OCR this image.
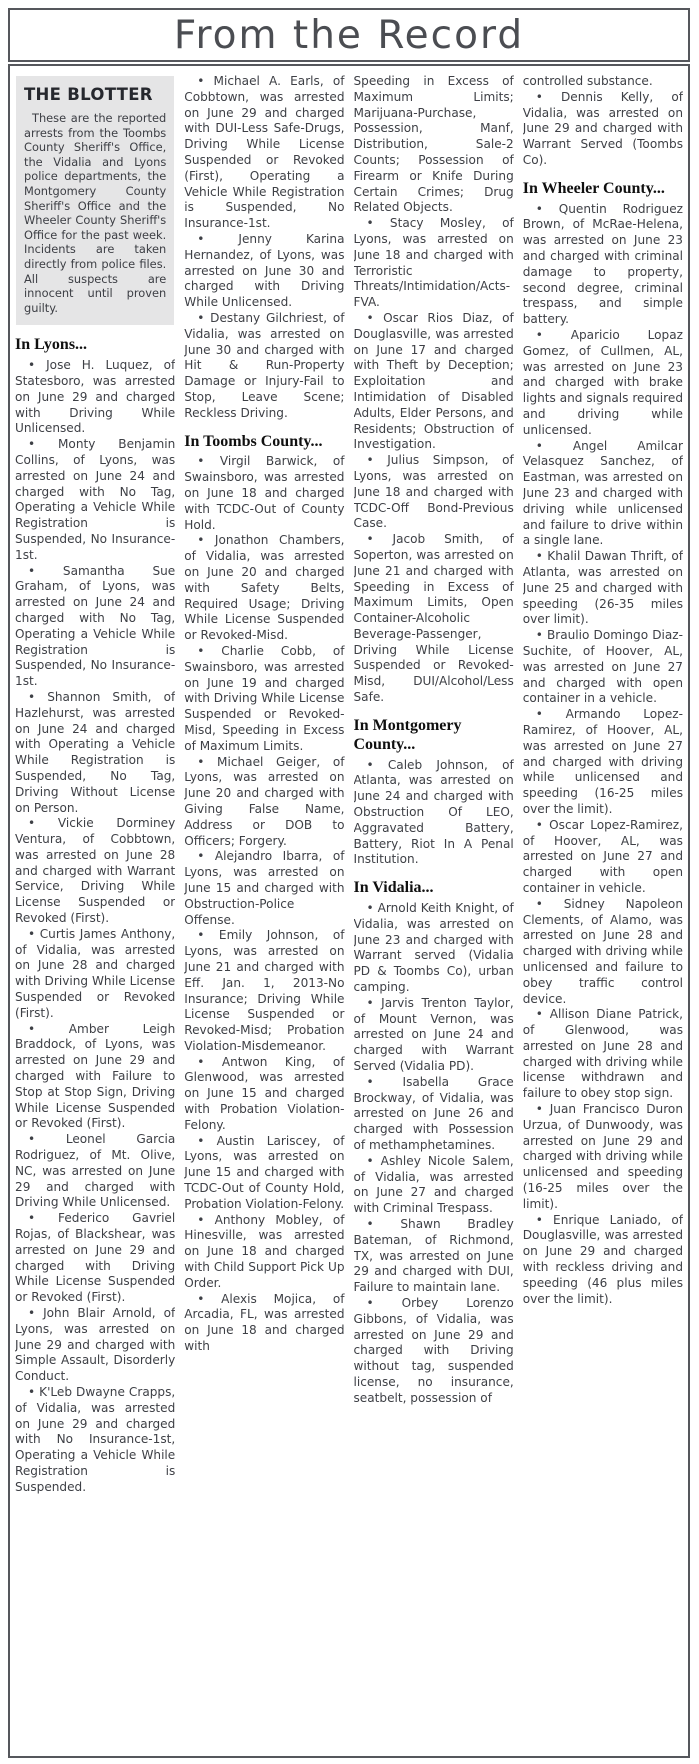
From the Record
THE BLOTTER

These are the reported arrests from the Toombs County Sheriff's Office, the Vidalia and Lyons police departments, the Montgomery County Sheriff's Office and the Wheeler County Sheriff's Office for the past week. Incidents are taken directly from police files. All suspects are innocent until proven guilty.

In Lyons...

• Jose H. Luquez, of Statesboro, was arrested on June 29 and charged with Driving While Unlicensed.

• Monty Benjamin Collins, of Lyons, was arrested on June 24 and charged with No Tag, Operating a Vehicle While Registration is Suspended, No Insurance-1st.

• Samantha Sue Graham, of Lyons, was arrested on June 24 and charged with No Tag, Operating a Vehicle While Registration is Suspended, No Insurance-1st.

• Shannon Smith, of Hazlehurst, was arrested on June 24 and charged with Operating a Vehicle While Registration is Suspended, No Tag, Driving Without License on Person.

• Vickie Dorminey Ventura, of Cobbtown, was arrested on June 28 and charged with Warrant Service, Driving While License Suspended or Revoked (First).

• Curtis James Anthony, of Vidalia, was arrested on June 28 and charged with Driving While License Suspended or Revoked (First).

• Amber Leigh Braddock, of Lyons, was arrested on June 29 and charged with Failure to Stop at Stop Sign, Driving While License Suspended or Revoked (First).

• Leonel Garcia Rodriguez, of Mt. Olive, NC, was arrested on June 29 and charged with Driving While Unlicensed.

• Federico Gavriel Rojas, of Blackshear, was arrested on June 29 and charged with Driving While License Suspended or Revoked (First).

• John Blair Arnold, of Lyons, was arrested on June 29 and charged with Simple Assault, Disorderly Conduct.

• K'Leb Dwayne Crapps, of Vidalia, was arrested on June 29 and charged with No Insurance-1st, Operating a Vehicle While Registration is Suspended.

• Michael A. Earls, of Cobbtown, was arrested on June 29 and charged with DUI-Less Safe-Drugs, Driving While License Suspended or Revoked (First), Operating a Vehicle While Registration is Suspended, No Insurance-1st.

• Jenny Karina Hernandez, of Lyons, was arrested on June 30 and charged with Driving While Unlicensed.

• Destany Gilchriest, of Vidalia, was arrested on June 30 and charged with Hit & Run-Property Damage or Injury-Fail to Stop, Leave Scene; Reckless Driving.

In Toombs County...

• Virgil Barwick, of Swainsboro, was arrested on June 18 and charged with TCDC-Out of County Hold.

• Jonathon Chambers, of Vidalia, was arrested on June 20 and charged with Safety Belts, Required Usage; Driving While License Suspended or Revoked-Misd.

• Charlie Cobb, of Swainsboro, was arrested on June 19 and charged with Driving While License Suspended or Revoked-Misd, Speeding in Excess of Maximum Limits.

• Michael Geiger, of Lyons, was arrested on June 20 and charged with Giving False Name, Address or DOB to Officers; Forgery.

• Alejandro Ibarra, of Lyons, was arrested on June 15 and charged with Obstruction-Police Offense.

• Emily Johnson, of Lyons, was arrested on June 21 and charged with Eff. Jan. 1, 2013-No Insurance; Driving While License Suspended or Revoked-Misd; Probation Violation-Misdemeanor.

• Antwon King, of Glenwood, was arrested on June 15 and charged with Probation Violation-Felony.

• Austin Lariscey, of Lyons, was arrested on June 15 and charged with TCDC-Out of County Hold, Probation Violation-Felony.

• Anthony Mobley, of Hinesville, was arrested on June 18 and charged with Child Support Pick Up Order.

• Alexis Mojica, of Arcadia, FL, was arrested on June 18 and charged with

Speeding in Excess of Maximum Limits; Marijuana-Purchase, Possession, Manf, Distribution, Sale-2 Counts; Possession of Firearm or Knife During Certain Crimes; Drug Related Objects.

• Stacy Mosley, of Lyons, was arrested on June 18 and charged with Terroristic Threats/Intimidation/Acts-FVA.

• Oscar Rios Diaz, of Douglasville, was arrested on June 17 and charged with Theft by Deception; Exploitation and Intimidation of Disabled Adults, Elder Persons, and Residents; Obstruction of Investigation.

• Julius Simpson, of Lyons, was arrested on June 18 and charged with TCDC-Off Bond-Previous Case.

• Jacob Smith, of Soperton, was arrested on June 21 and charged with Speeding in Excess of Maximum Limits, Open Container-Alcoholic Beverage-Passenger, Driving While License Suspended or Revoked-Misd, DUI/Alcohol/Less Safe.

In Montgomery County...

• Caleb Johnson, of Atlanta, was arrested on June 24 and charged with Obstruction Of LEO, Aggravated Battery, Battery, Riot In A Penal Institution.

In Vidalia...

• Arnold Keith Knight, of Vidalia, was arrested on June 23 and charged with Warrant served (Vidalia PD & Toombs Co), urban camping.

• Jarvis Trenton Taylor, of Mount Vernon, was arrested on June 24 and charged with Warrant Served (Vidalia PD).

• Isabella Grace Brockway, of Vidalia, was arrested on June 26 and charged with Possession of methamphetamines.

• Ashley Nicole Salem, of Vidalia, was arrested on June 27 and charged with Criminal Trespass.

• Shawn Bradley Bateman, of Richmond, TX, was arrested on June 29 and charged with DUI, Failure to maintain lane.

• Orbey Lorenzo Gibbons, of Vidalia, was arrested on June 29 and charged with Driving without tag, suspended license, no insurance, seatbelt, possession of

controlled substance.

• Dennis Kelly, of Vidalia, was arrested on June 29 and charged with Warrant Served (Toombs Co).

In Wheeler County...

• Quentin Rodriguez Brown, of McRae-Helena, was arrested on June 23 and charged with criminal damage to property, second degree, criminal trespass, and simple battery.

• Aparicio Lopaz Gomez, of Cullmen, AL, was arrested on June 23 and charged with brake lights and signals required and driving while unlicensed.

• Angel Amilcar Velasquez Sanchez, of Eastman, was arrested on June 23 and charged with driving while unlicensed and failure to drive within a single lane.

• Khalil Dawan Thrift, of Atlanta, was arrested on June 25 and charged with speeding (26-35 miles over limit).

• Braulio Domingo Diaz-Suchite, of Hoover, AL, was arrested on June 27 and charged with open container in a vehicle.

• Armando Lopez-Ramirez, of Hoover, AL, was arrested on June 27 and charged with driving while unlicensed and speeding (16-25 miles over the limit).

• Oscar Lopez-Ramirez, of Hoover, AL, was arrested on June 27 and charged with open container in vehicle.

• Sidney Napoleon Clements, of Alamo, was arrested on June 28 and charged with driving while unlicensed and failure to obey traffic control device.

• Allison Diane Patrick, of Glenwood, was arrested on June 28 and charged with driving while license withdrawn and failure to obey stop sign.

• Juan Francisco Duron Urzua, of Dunwoody, was arrested on June 29 and charged with driving while unlicensed and speeding (16-25 miles over the limit).

• Enrique Laniado, of Douglasville, was arrested on June 29 and charged with reckless driving and speeding (46 plus miles over the limit).
